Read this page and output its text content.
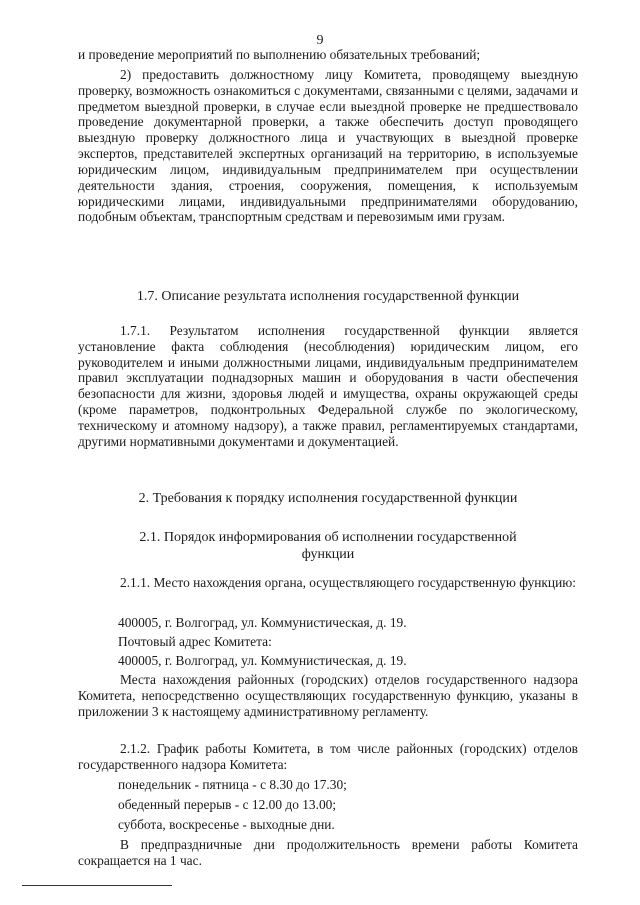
9

и проведение мероприятий по выполнению обязательных требований;

2) предоставить должностному лицу Комитета, проводящему выездную проверку, возможность ознакомиться с документами, связанными с целями, задачами и предметом выездной проверки, в случае если выездной проверке не предшествовало проведение документарной проверки, а также обеспечить доступ проводящего выездную проверку должностного лица и участвующих в выездной проверке экспертов, представителей экспертных организаций на территорию, в используемые юридическим лицом, индивидуальным предпринимателем при осуществлении деятельности здания, строения, сооружения, помещения, к используемым юридическими лицами, индивидуальными предпринимателями оборудованию, подобным объектам, транспортным средствам и перевозимым ими грузам.

1.7. Описание результата исполнения государственной функции

1.7.1. Результатом исполнения государственной функции является установление факта соблюдения (несоблюдения) юридическим лицом, его руководителем и иными должностными лицами, индивидуальным предпринимателем правил эксплуатации поднадзорных машин и оборудования в части обеспечения безопасности для жизни, здоровья людей и имущества, охраны окружающей среды (кроме параметров, подконтрольных Федеральной службе по экологическому, техническому и атомному надзору), а также правил, регламентируемых стандартами, другими нормативными документами и документацией.

2. Требования к порядку исполнения государственной функции

2.1. Порядок информирования об исполнении государственной функции

2.1.1. Место нахождения органа, осуществляющего государственную функцию:

400005, г. Волгоград, ул. Коммунистическая, д. 19.

Почтовый адрес Комитета:

400005, г. Волгоград, ул. Коммунистическая, д. 19.

Места нахождения районных (городских) отделов государственного надзора Комитета, непосредственно осуществляющих государственную функцию, указаны в приложении 3 к настоящему административному регламенту.

2.1.2. График работы Комитета, в том числе районных (городских) отделов государственного надзора Комитета:

понедельник - пятница - с 8.30 до 17.30;

обеденный перерыв - с 12.00 до 13.00;

суббота, воскресенье - выходные дни.

В предпраздничные дни продолжительность времени работы Комитета сокращается на 1 час.
